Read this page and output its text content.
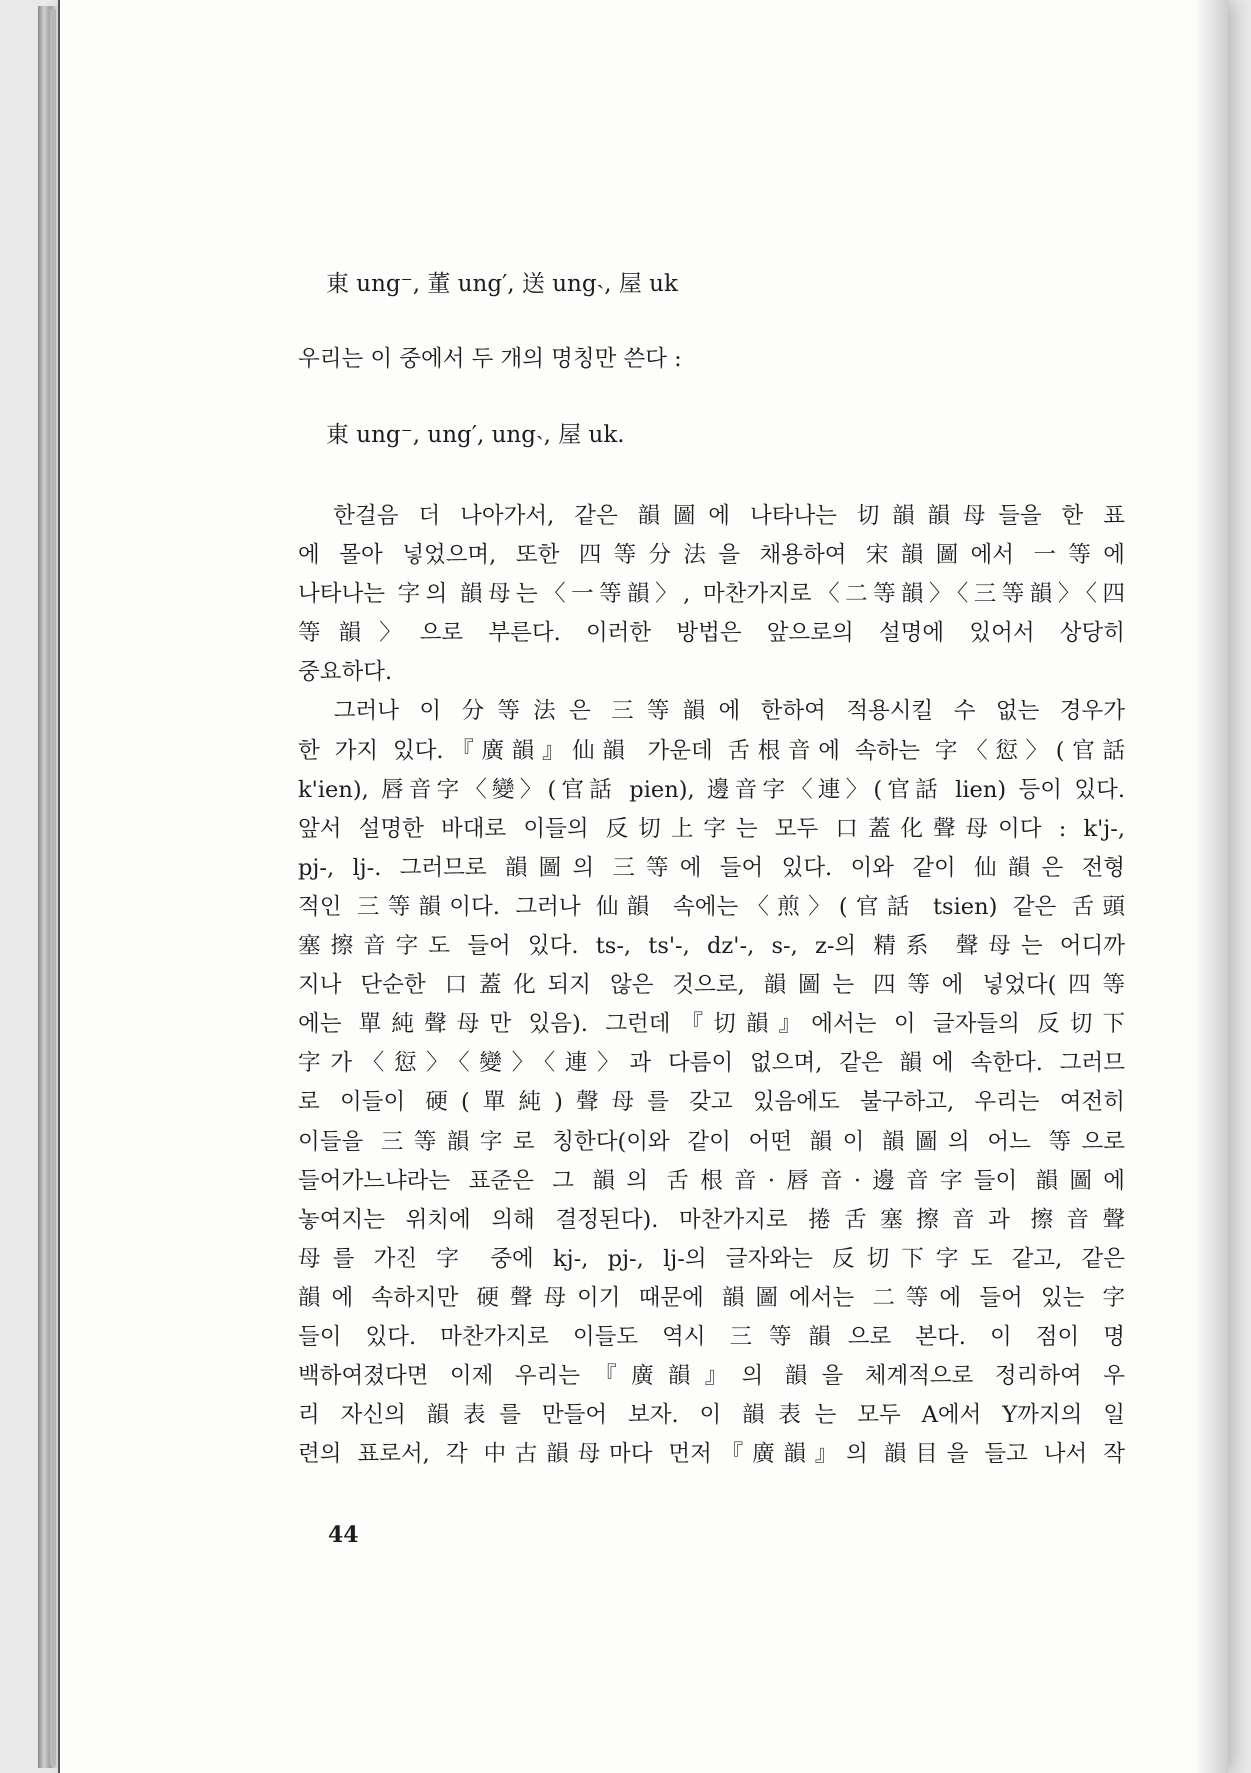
東 ung⁻, 董 ung′, 送 ung˴, 屋 uk

우리는 이 중에서 두 개의 명칭만 쓴다 :

東 ung⁻, ung′, ung˴, 屋 uk.

　한걸음 더 나아가서, 같은 韻圖에 나타나는 切韻韻母들을 한 표
에 몰아 넣었으며, 또한 四等分法을 채용하여 宋韻圖에서 一等에
나타나는 字의 韻母는〈一等韻〉, 마찬가지로〈二等韻〉〈三等韻〉〈四
等韻〉으로 부른다. 이러한 방법은 앞으로의 설명에 있어서 상당히
중요하다.
　그러나 이 分等法은 三等韻에 한하여 적용시킬 수 없는 경우가
한 가지 있다.『廣韻』仙韻 가운데 舌根音에 속하는 字〈愆〉(官話
k'ien), 唇音字〈變〉(官話 pien), 邊音字〈連〉(官話 lien) 등이 있다.
앞서 설명한 바대로 이들의 反切上字는 모두 口蓋化聲母이다 : k'j-,
pj-, lj-. 그러므로 韻圖의 三等에 들어 있다. 이와 같이 仙韻은 전형
적인 三等韻이다. 그러나 仙韻 속에는〈煎〉(官話 tsien) 같은 舌頭
塞擦音字도 들어 있다. ts-, ts'-, dz'-, s-, z-의 精系 聲母는 어디까
지나 단순한 口蓋化되지 않은 것으로, 韻圖는 四等에 넣었다(四等
에는 單純聲母만 있음). 그런데『切韻』에서는 이 글자들의 反切下
字가〈愆〉〈變〉〈連〉과 다름이 없으며, 같은 韻에 속한다. 그러므
로 이들이 硬(單純)聲母를 갖고 있음에도 불구하고, 우리는 여전히
이들을 三等韻字로 칭한다(이와 같이 어떤 韻이 韻圖의 어느 等으로
들어가느냐라는 표준은 그 韻의 舌根音·唇音·邊音字들이 韻圖에
놓여지는 위치에 의해 결정된다). 마찬가지로 捲舌塞擦音과 擦音聲
母를 가진 字 중에 kj-, pj-, lj-의 글자와는 反切下字도 같고, 같은
韻에 속하지만 硬聲母이기 때문에 韻圖에서는 二等에 들어 있는 字
들이 있다. 마찬가지로 이들도 역시 三等韻으로 본다. 이 점이 명
백하여졌다면 이제 우리는『廣韻』의 韻을 체계적으로 정리하여 우
리 자신의 韻表를 만들어 보자. 이 韻表는 모두 A에서 Y까지의 일
련의 표로서, 각 中古韻母마다 먼저『廣韻』의 韻目을 들고 나서 작
44
